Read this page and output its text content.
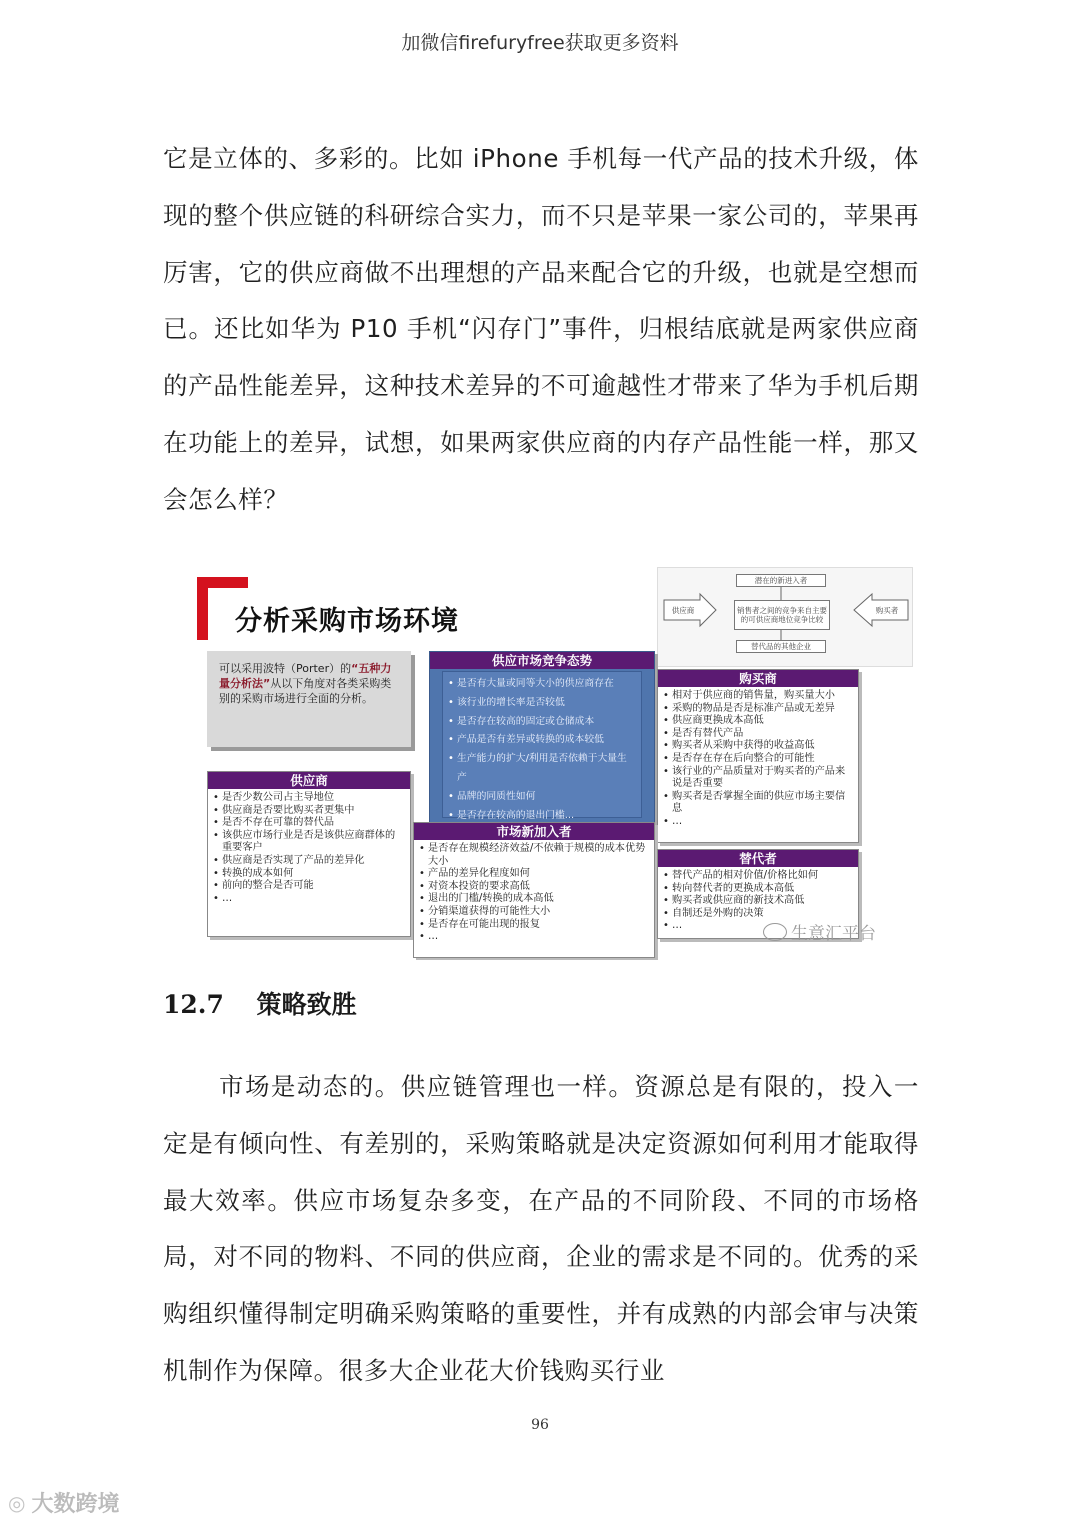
加微信firefuryfree获取更多资料

它是立体的、多彩的。比如 iPhone 手机每一代产品的技术升级，体现的整个供应链的科研综合实力，而不只是苹果一家公司的，苹果再厉害，它的供应商做不出理想的产品来配合它的升级，也就是空想而已。还比如华为 P10 手机“闪存门”事件，归根结底就是两家供应商的产品性能差异，这种技术差异的不可逾越性才带来了华为手机后期在功能上的差异，试想，如果两家供应商的内存产品性能一样，那又会怎么样？

分析采购市场环境
潜在的新进入者
销售者之间的竞争来自主要的可供应商地位竞争比较
替代品的其他企业
供应商	购买者
可以采用波特（Porter）的“五种力量分析法”从以下角度对各类采购类别的采购市场进行全面的分析。
供应市场竞争态势
• 是否有大量或同等大小的供应商存在
• 该行业的增长率是否较低
• 是否存在较高的固定或仓储成本
• 产品是否有差异或转换的成本较低
• 生产能力的扩大/利用是否依赖于大量生产
• 品牌的同质性如何
• 是否存在较高的退出门槛...
供应商
• 是否少数公司占主导地位
• 供应商是否要比购买者更集中
• 是否不存在可靠的替代品
• 该供应市场行业是否是该供应商群体的重要客户
• 供应商是否实现了产品的差异化
• 转换的成本如何
• 前向的整合是否可能
• …
购买商
• 相对于供应商的销售量，购买量大小
• 采购的物品是否是标准产品或无差异
• 供应商更换成本高低
• 是否有替代产品
• 购买者从采购中获得的收益高低
• 是否存在存在后向整合的可能性
• 该行业的产品质量对于购买者的产品来说是否重要
• 购买者是否掌握全面的供应市场主要信息
• …
市场新加入者
• 是否存在规模经济效益/不依赖于规模的成本优势大小
• 产品的差异化程度如何
• 对资本投资的要求高低
• 退出的门槛/转换的成本高低
• 分销渠道获得的可能性大小
• 是否存在可能出现的报复
• …
替代者
• 替代产品的相对价值/价格比如何
• 转向替代者的更换成本高低
• 购买者或供应商的新技术高低
• 自制还是外购的决策
• …	生意汇平台
12.7 策略致胜

市场是动态的。供应链管理也一样。资源总是有限的，投入一定是有倾向性、有差别的，采购策略就是决定资源如何利用才能取得最大效率。供应市场复杂多变，在产品的不同阶段、不同的市场格局，对不同的物料、不同的供应商，企业的需求是不同的。优秀的采购组织懂得制定明确采购策略的重要性，并有成熟的内部会审与决策机制作为保障。很多大企业花大价钱购买行业

96
◎ 大数跨境
